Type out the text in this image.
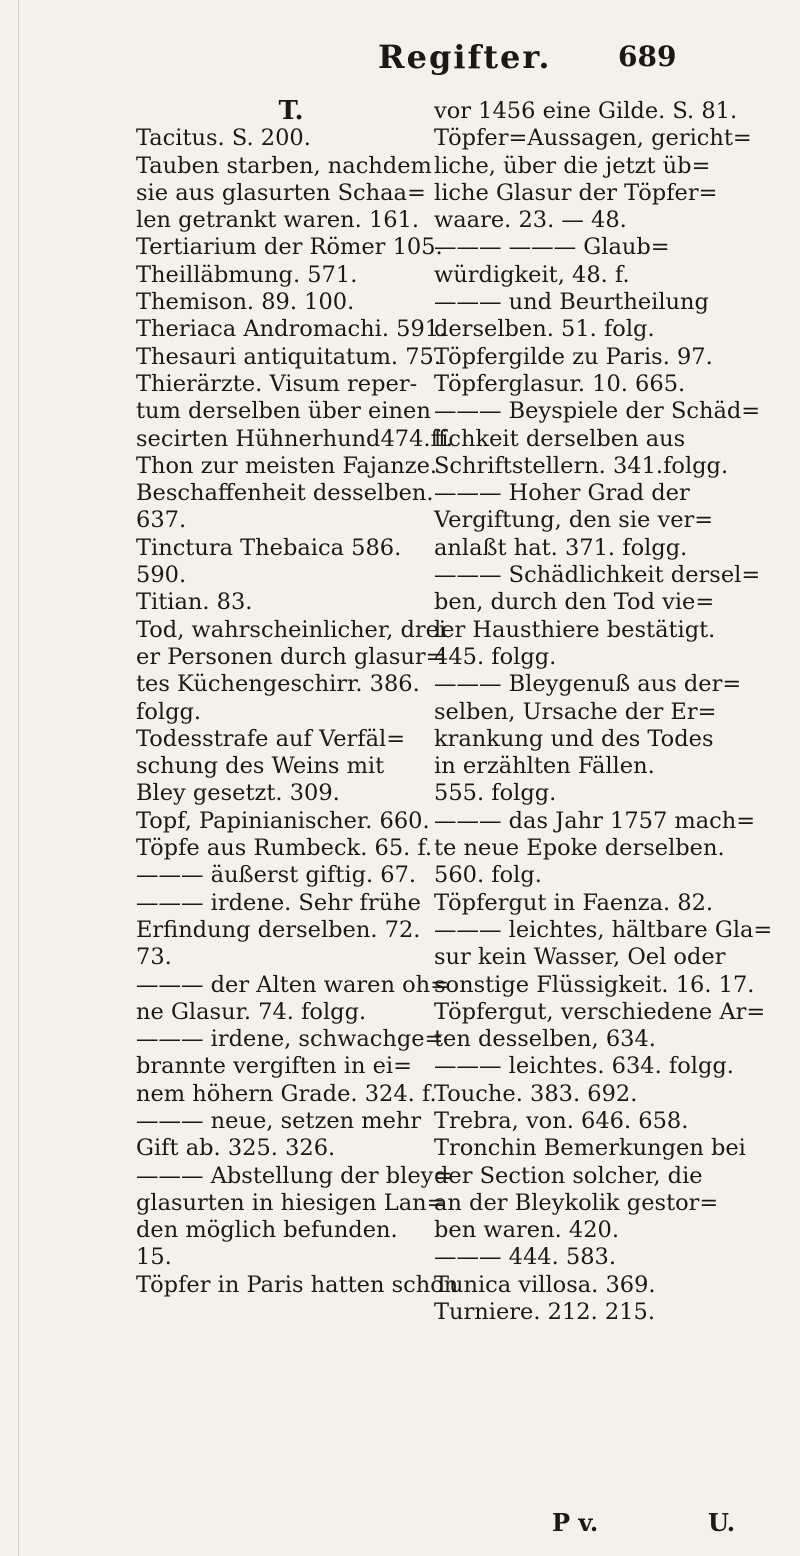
Regifter. 689
T.
Tacitus. S. 200.
Tauben starben, nachdem
sie aus glasurten Schaa=
len getrankt waren. 161.
Tertiarium der Römer 105.
Theilläbmung. 571.
Themison. 89. 100.
Theriaca Andromachi. 591.
Thesauri antiquitatum. 75.
Thierärzte. Visum reper-
tum derselben über einen
secirten Hühnerhund474.ff.
Thon zur meisten Fajanze.
Beschaffenheit desselben.
637.
Tinctura Thebaica 586.
590.
Titian. 83.
Tod, wahrscheinlicher, drei
er Personen durch glasur=
tes Küchengeschirr. 386.
folgg.
Todesstrafe auf Verfäl=
schung des Weins mit
Bley gesetzt. 309.
Topf, Papinianischer. 660.
Töpfe aus Rumbeck. 65. f.
——— äußerst giftig. 67.
——— irdene. Sehr frühe
Erfindung derselben. 72.
73.
——— der Alten waren oh=
ne Glasur. 74. folgg.
——— irdene, schwachge=
brannte vergiften in ei=
nem höhern Grade. 324. f.
——— neue, setzen mehr
Gift ab. 325. 326.
——— Abstellung der bley=
glasurten in hiesigen Lan=
den möglich befunden.
15.
Töpfer in Paris hatten schon
vor 1456 eine Gilde. S. 81.
Töpfer=Aussagen, gericht=
liche, über die jetzt üb=
liche Glasur der Töpfer=
waare. 23. — 48.
——— ——— Glaub=
würdigkeit, 48. f.
——— und Beurtheilung
derselben. 51. folg.
Töpfergilde zu Paris. 97.
Töpferglasur. 10. 665.
——— Beyspiele der Schäd=
lichkeit derselben aus
Schriftstellern. 341.folgg.
——— Hoher Grad der
Vergiftung, den sie ver=
anlaßt hat. 371. folgg.
——— Schädlichkeit dersel=
ben, durch den Tod vie=
ler Hausthiere bestätigt.
445. folgg.
——— Bleygenuß aus der=
selben, Ursache der Er=
krankung und des Todes
in erzählten Fällen.
555. folgg.
——— das Jahr 1757 mach=
te neue Epoke derselben.
560. folg.
Töpfergut in Faenza. 82.
——— leichtes, hältbare Gla=
sur kein Wasser, Oel oder
sonstige Flüssigkeit. 16. 17.
Töpfergut, verschiedene Ar=
ten desselben, 634.
——— leichtes. 634. folgg.
Touche. 383. 692.
Trebra, von. 646. 658.
Tronchin Bemerkungen bei
der Section solcher, die
an der Bleykolik gestor=
ben waren. 420.
——— 444. 583.
Tunica villosa. 369.
Turniere. 212. 215.
P v.	U.
